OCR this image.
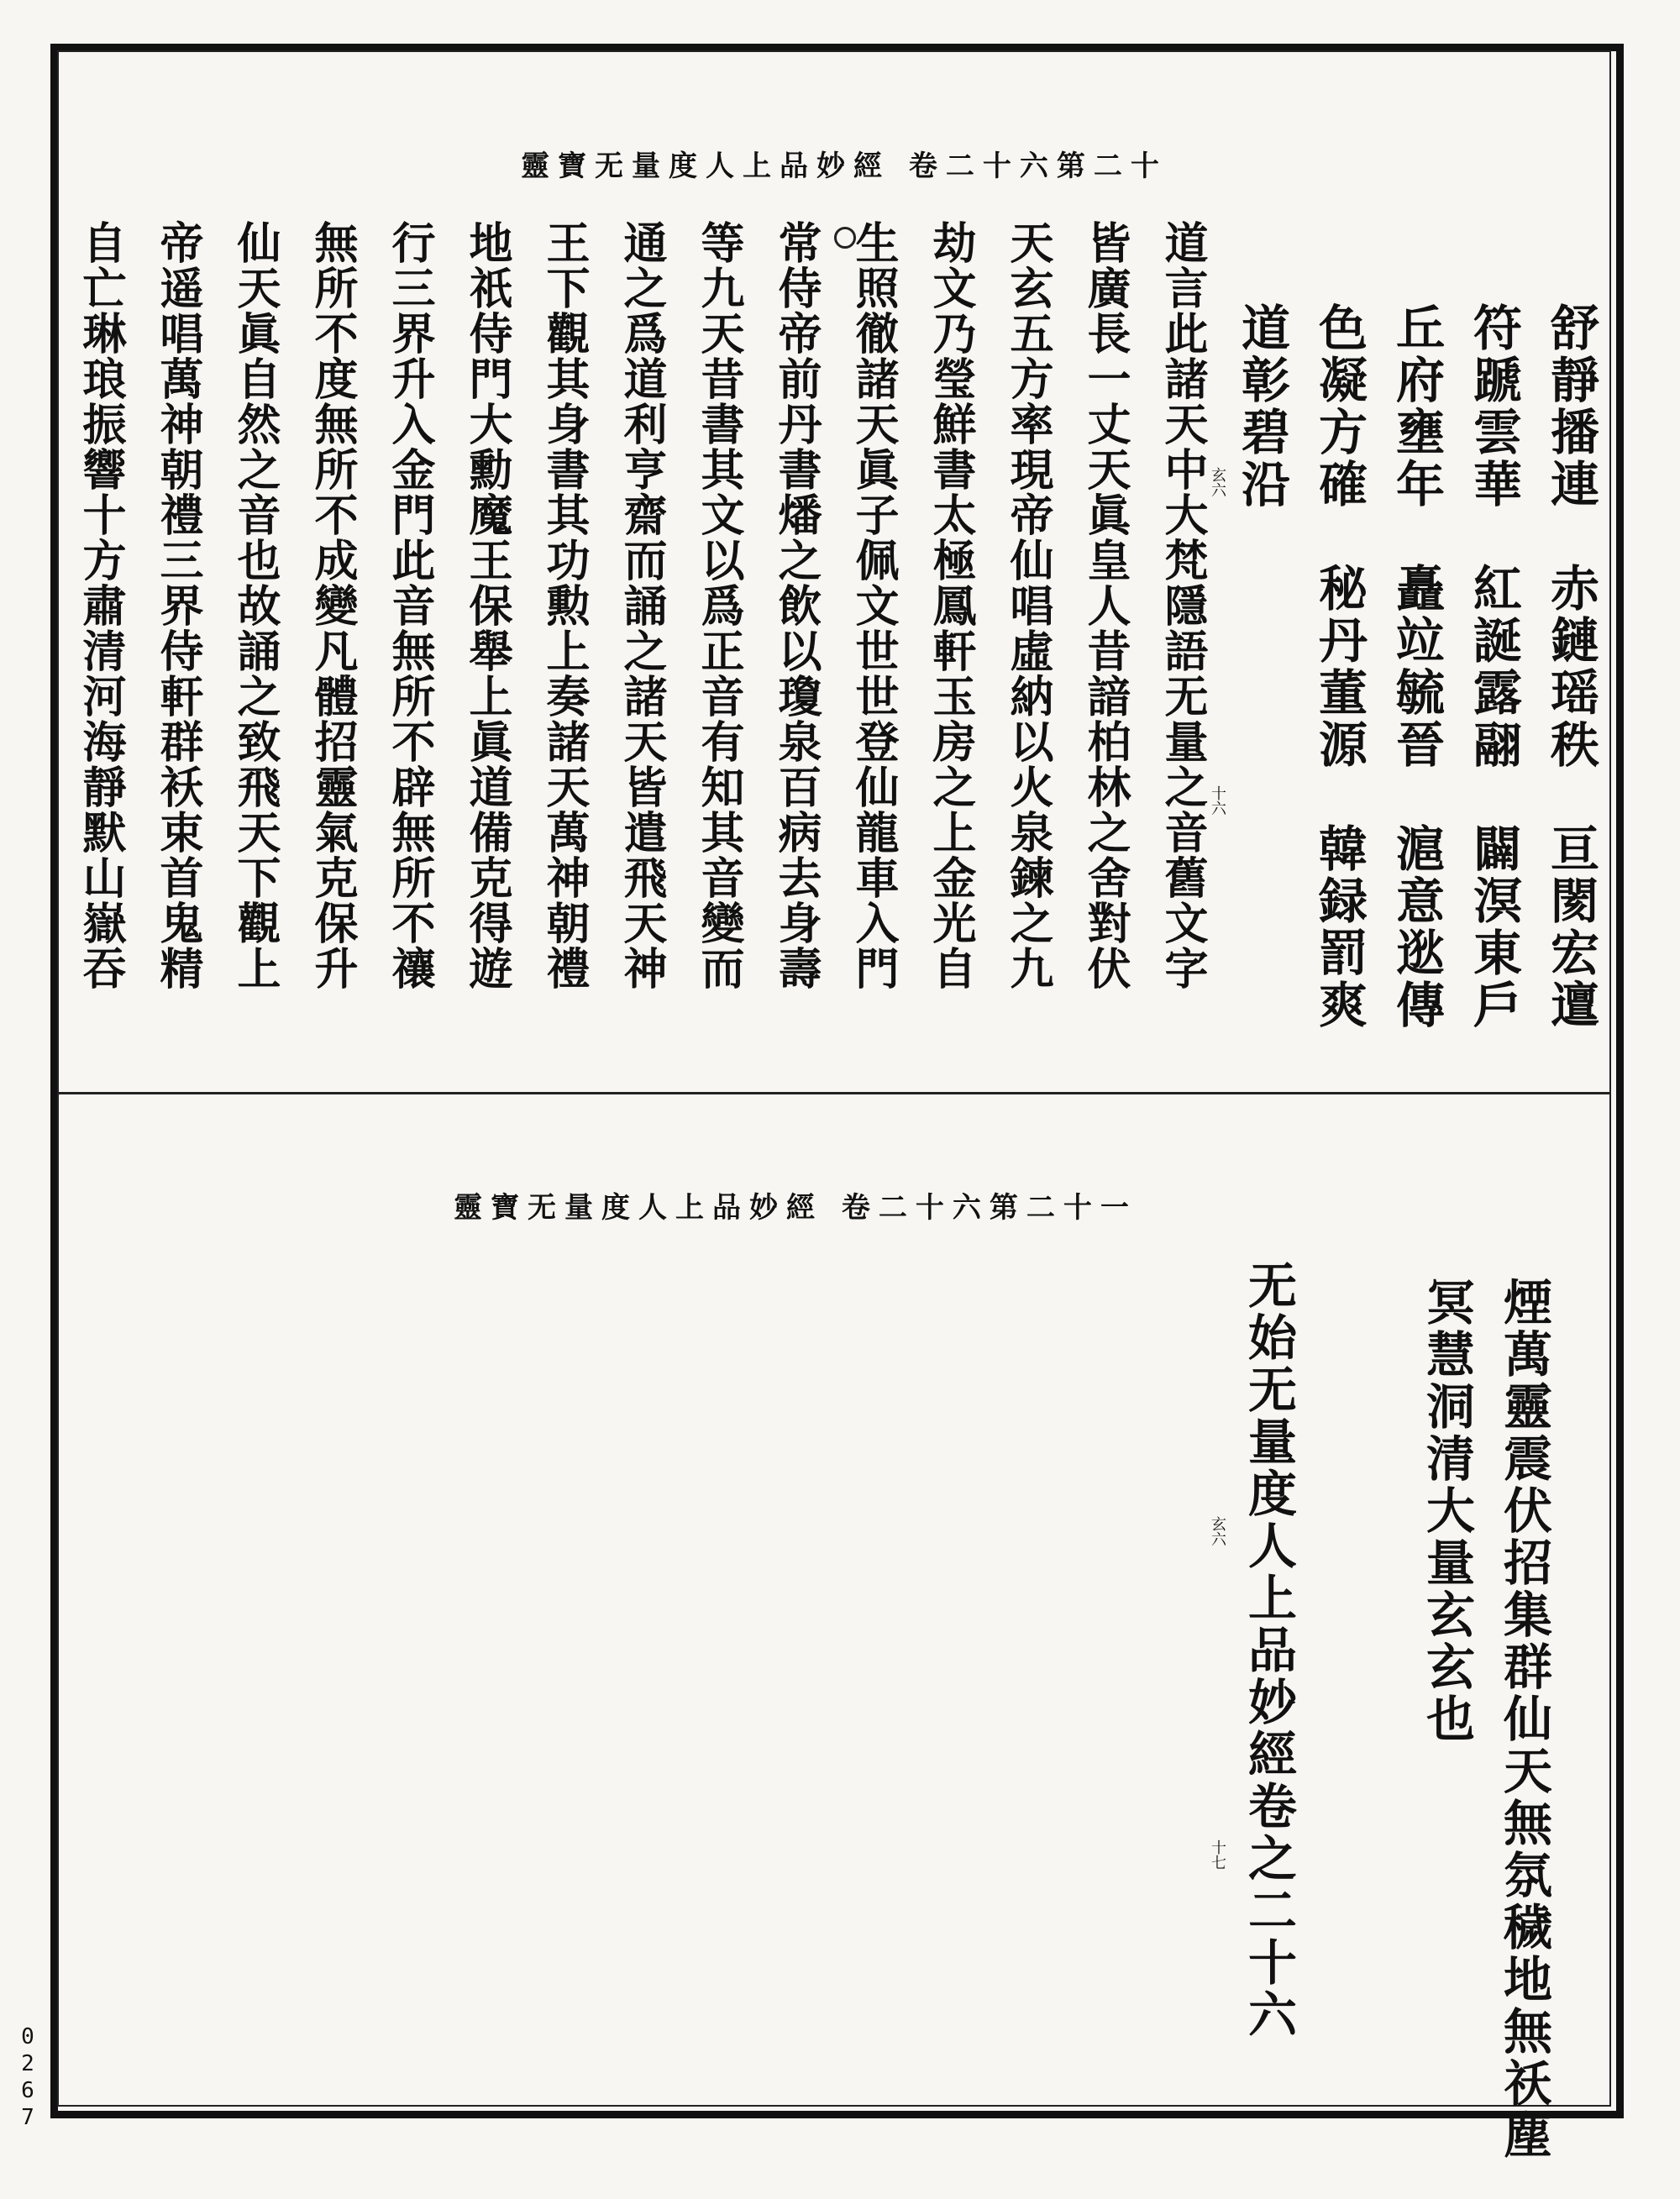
靈寶无量度人上品妙經 卷二十六第二十
舒靜播連　赤鏈瑶秩　亘閡宏邅
符蹏雲華　紅誕露翮　闢溟東戶
丘府壅年　矗竝毓晉　滬意逖傳
色凝方確　秘丹董源　韓録罰爽
道彰碧沿
道言此諸天中大梵隱語无量之音舊文字
皆廣長一丈天眞皇人昔諳柏林之舍對伏
天玄五方率現帝仙唱虛納以火泉鍊之九
劫文乃瑩鮮書太極鳳軒玉房之上金光自
生照徹諸天眞子佩文世世登仙龍車入門
常侍帝前丹書燔之飲以瓊泉百病去身壽
等九天昔書其文以爲正音有知其音變而
通之爲道利亨齋而誦之諸天皆遣飛天神
王下觀其身書其功勲上奏諸天萬神朝禮
地祇侍門大勳魔王保舉上眞道備克得遊
行三界升入金門此音無所不辟無所不禳
無所不度無所不成變凡體招靈氣克保升
仙天眞自然之音也故誦之致飛天下觀上
帝遥唱萬神朝禮三界侍軒群袄束首鬼精
自亡琳琅振響十方肅清河海靜默山嶽吞	玄六
十六
靈寶无量度人上品妙經 卷二十六第二十一
煙萬靈震伏招集群仙天無氛穢地無祅塵
冥慧洞清大量玄玄也
无始无量度人上品妙經卷之二十六
玄六
十七
0267
